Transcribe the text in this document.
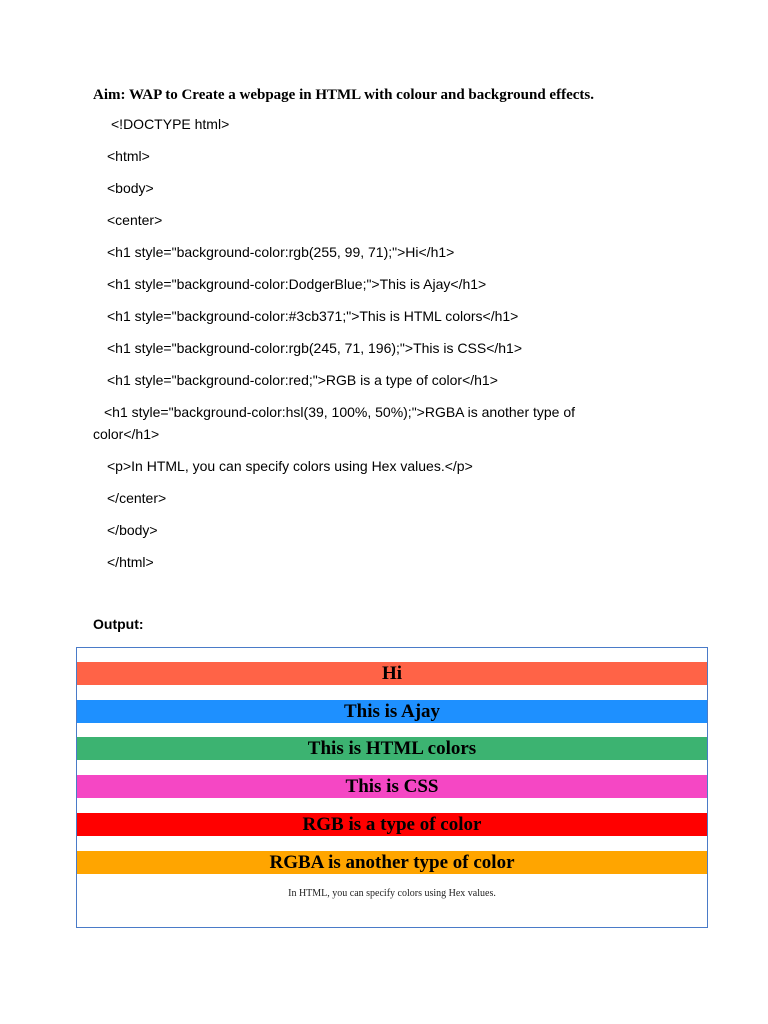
Aim: WAP to Create a webpage in HTML with colour and background effects.
<!DOCTYPE html>
<html>
<body>
<center>
<h1 style="background-color:rgb(255, 99, 71);">Hi</h1>
<h1 style="background-color:DodgerBlue;">This is Ajay</h1>
<h1 style="background-color:#3cb371;">This is HTML colors</h1>
<h1 style="background-color:rgb(245, 71, 196);">This is CSS</h1>
<h1 style="background-color:red;">RGB is a type of color</h1>
<h1 style="background-color:hsl(39, 100%, 50%);">RGBA is another type of
color</h1>
<p>In HTML, you can specify colors using Hex values.</p>
</center>
</body>
</html>
Output:
Hi
This is Ajay
This is HTML colors
This is CSS
RGB is a type of color
RGBA is another type of color
In HTML, you can specify colors using Hex values.
